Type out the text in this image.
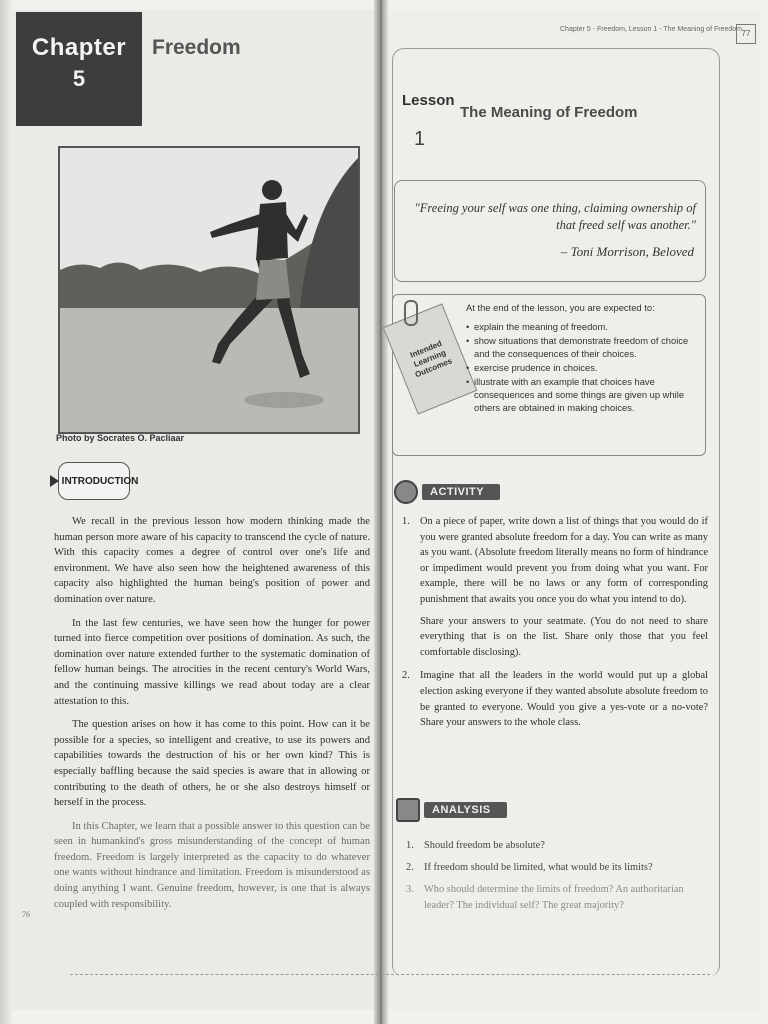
Chapter
5
Freedom
Photo by Socrates O. Pacliaar
INTRODUCTION

We recall in the previous lesson how modern thinking made the human person more aware of his capacity to transcend the cycle of nature. With this capacity comes a degree of control over one's life and environment. We have also seen how the heightened awareness of this capacity also highlighted the human being's position of power and domination over nature.

In the last few centuries, we have seen how the hunger for power turned into fierce competition over positions of domination. As such, the domination over nature extended further to the systematic domination of fellow human beings. The atrocities in the recent century's World Wars, and the continuing massive killings we read about today are a clear attestation to this.

The question arises on how it has come to this point. How can it be possible for a species, so intelligent and creative, to use its powers and capabilities towards the destruction of his or her own kind? This is especially baffling because the said species is aware that in allowing or contributing to the death of others, he or she also destroys himself or herself in the process.

In this Chapter, we learn that a possible answer to this question can be seen in humankind's gross misunderstanding of the concept of human freedom. Freedom is largely interpreted as the capacity to do whatever one wants without hindrance and limitation. Freedom is misunderstood as doing anything I want. Genuine freedom, however, is one that is always coupled with responsibility.

76
Chapter 5 - Freedom, Lesson 1 - The Meaning of Freedom 77
Lesson
1
The Meaning of Freedom
"Freeing your self was one thing, claiming ownership of that freed self was another."
– Toni Morrison, Beloved
Intended Learning Outcomes
At the end of the lesson, you are expected to:
• explain the meaning of freedom.
• show situations that demonstrate freedom of choice and the consequences of their choices.
• exercise prudence in choices.
• illustrate with an example that choices have consequences and some things are given up while others are obtained in making choices.
ACTIVITY
1. On a piece of paper, write down a list of things that you would do if you were granted absolute freedom for a day. You can write as many as you want. (Absolute freedom literally means no form of hindrance or impediment would prevent you from doing what you want. For example, there will be no laws or any form of corresponding punishment that awaits you once you do what you intend to do).

Share your answers to your seatmate. (You do not need to share everything that is on the list. Share only those that you feel comfortable disclosing).

2. Imagine that all the leaders in the world would put up a global election asking everyone if they wanted absolute absolute freedom to be granted to everyone. Would you give a yes-vote or a no-vote? Share your answers to the whole class.

ANALYSIS
1. Should freedom be absolute?
2. If freedom should be limited, what would be its limits?
3. Who should determine the limits of freedom? An authoritarian leader? The individual self? The great majority?
